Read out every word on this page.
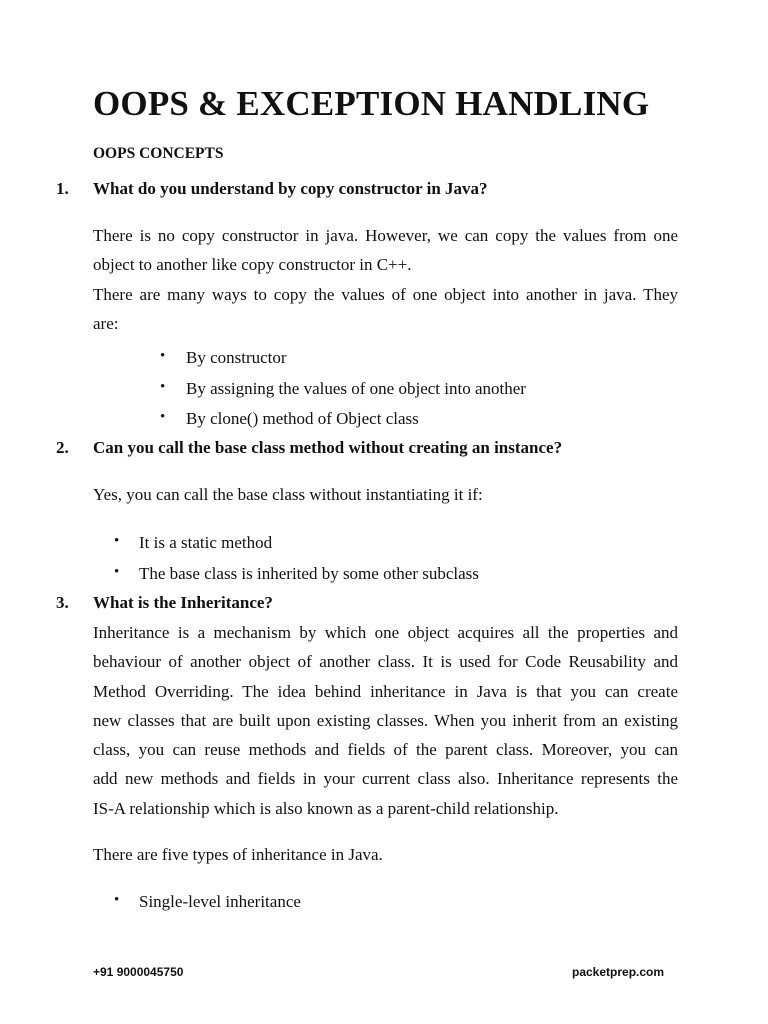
OOPS & EXCEPTION HANDLING
OOPS CONCEPTS
1. What do you understand by copy constructor in Java?
There is no copy constructor in java. However, we can copy the values from one
object to another like copy constructor in C++.
There are many ways to copy the values of one object into another in java. They
are:
• By constructor
• By assigning the values of one object into another
• By clone() method of Object class
2. Can you call the base class method without creating an instance?
Yes, you can call the base class without instantiating it if:
• It is a static method
• The base class is inherited by some other subclass
3. What is the Inheritance?
Inheritance is a mechanism by which one object acquires all the properties and
behaviour of another object of another class. It is used for Code Reusability and
Method Overriding. The idea behind inheritance in Java is that you can create
new classes that are built upon existing classes. When you inherit from an existing
class, you can reuse methods and fields of the parent class. Moreover, you can
add new methods and fields in your current class also. Inheritance represents the
IS-A relationship which is also known as a parent-child relationship.
There are five types of inheritance in Java.
• Single-level inheritance
+91 9000045750	packetprep.com
